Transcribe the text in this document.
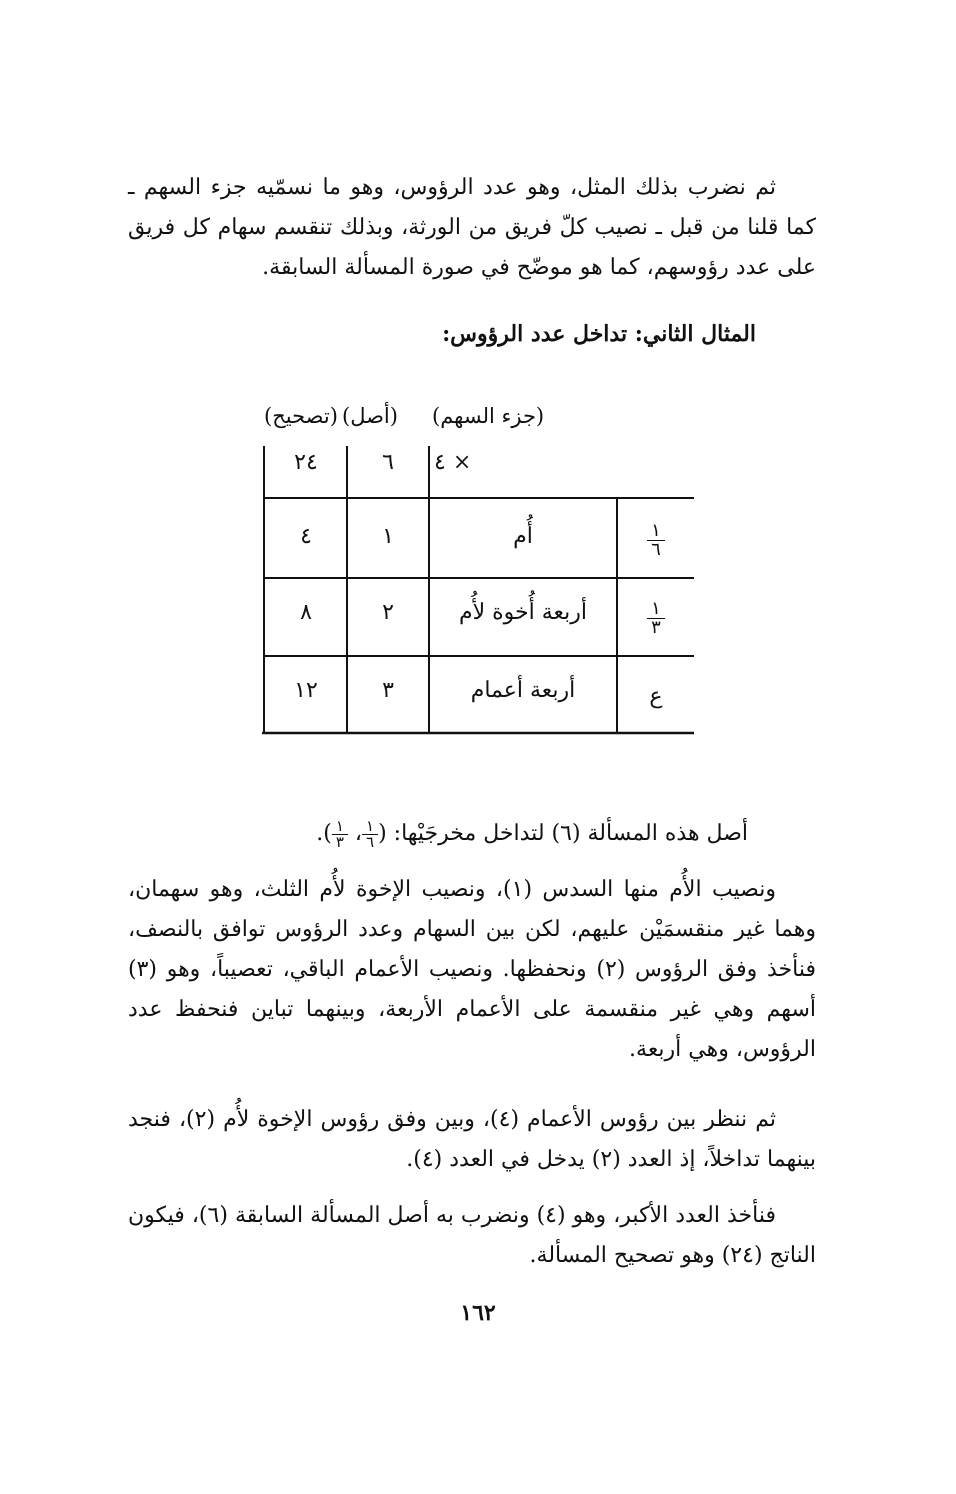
ثم نضرب بذلك المثل، وهو عدد الرؤوس، وهو ما نسمّيه جزء السهم ـ كما قلنا من قبل ـ نصيب كلّ فريق من الورثة، وبذلك تنقسم سهام كل فريق على عدد رؤوسهم، كما هو موضّح في صورة المسألة السابقة.

المثال الثاني: تداخل عدد الرؤوس:
(جزء السهم)
(أصل)
(تصحيح)
× ٤
٦
٢٤
$\frac{١}{٦}$
أُم
١
٤
$\frac{١}{٣}$
أربعة أُخوة لأُم
٢
٨
ع
أربعة أعمام
٣
١٢

أصل هذه المسألة (٦) لتداخل مخرجَيْها: (
$\frac{١}{٦}$
،
$\frac{١}{٣}$
).

ونصيب الأُم منها السدس (١)، ونصيب الإخوة لأُم الثلث، وهو سهمان، وهما غير منقسمَيْن عليهم، لكن بين السهام وعدد الرؤوس توافق بالنصف، فنأخذ وفق الرؤوس (٢) ونحفظها. ونصيب الأعمام الباقي، تعصيباً، وهو (٣) أسهم وهي غير منقسمة على الأعمام الأربعة، وبينهما تباين فنحفظ عدد الرؤوس، وهي أربعة.

ثم ننظر بين رؤوس الأعمام (٤)، وبين وفق رؤوس الإخوة لأُم (٢)، فنجد بينهما تداخلاً، إذ العدد (٢) يدخل في العدد (٤).

فنأخذ العدد الأكبر، وهو (٤) ونضرب به أصل المسألة السابقة (٦)، فيكون الناتج (٢٤) وهو تصحيح المسألة.

١٦٢
